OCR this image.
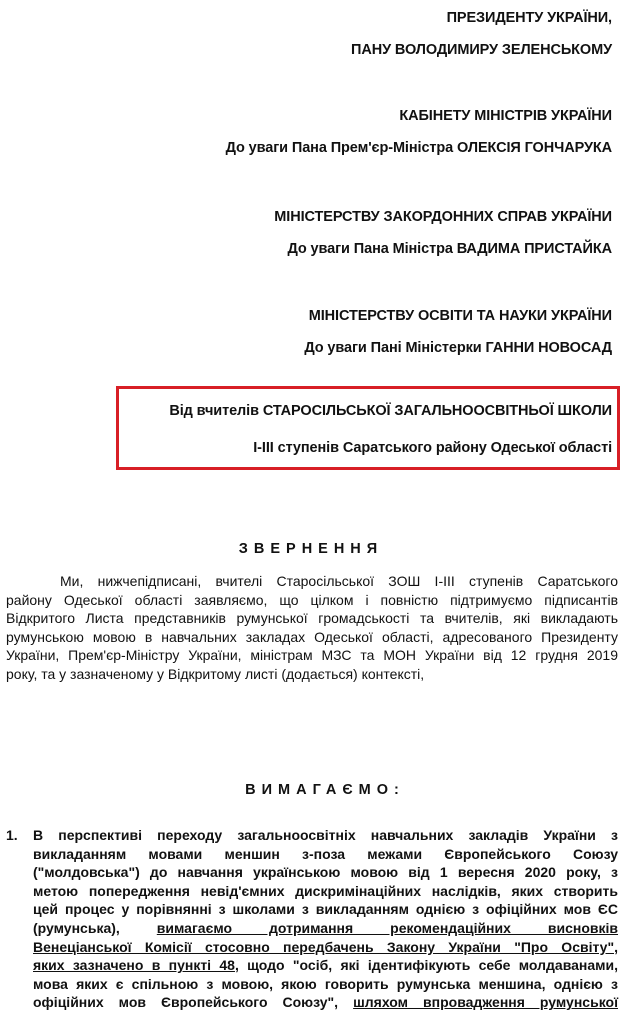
ПРЕЗИДЕНТУ УКРАЇНИ,
ПАНУ ВОЛОДИМИРУ ЗЕЛЕНСЬКОМУ
КАБІНЕТУ МІНІСТРІВ УКРАЇНИ
До уваги Пана Прем'єр-Міністра ОЛЕКСІЯ ГОНЧАРУКА
МІНІСТЕРСТВУ ЗАКОРДОННИХ СПРАВ УКРАЇНИ
До уваги Пана Міністра ВАДИМА ПРИСТАЙКА
МІНІСТЕРСТВУ ОСВІТИ ТА НАУКИ УКРАЇНИ
До уваги Пані Міністерки ГАННИ НОВОСАД
Від вчителів СТАРОСІЛЬСЬКОЇ ЗАГАЛЬНООСВІТНЬОЇ ШКОЛИ
І-ІІІ ступенів Саратського району Одеської області
ЗВЕРНЕННЯ
Ми, нижчепідписані, вчителі Старосільської ЗОШ І-ІІІ ступенів Саратського
району Одеської області заявляємо, що цілком і повністю підтримуємо підписантів
Відкритого Листа представників румунської громадськості та вчителів, які викладають
румунською мовою в навчальних закладах Одеської області, адресованого Президенту
України, Прем'єр-Міністру України, міністрам МЗС та МОН України від 12 грудня 2019
року, та у зазначеному у Відкритому листі (додається) контексті,
ВИМАГАЄМО:
1. В перспективі переходу загальноосвітніх навчальних закладів України з
викладанням мовами меншин з-поза межами Європейського Союзу
("молдовська") до навчання українською мовою від 1 вересня 2020 року, з
метою попередження невід'ємних дискримінаційних наслідків, яких створить
цей процес у порівнянні з школами з викладанням однією з офіційних мов ЄС
(румунська),	вимагаємо дотримання рекомендаційних висновків
Венеціанської Комісії стосовно передбачень Закону України "Про Освіту",
яких зазначено в пункті 48, щодо "осіб, які ідентифікують себе молдаванами,
мова яких є спільною з мовою, якою говорить румунська меншина, однією з
офіційних мов Європейського Союзу", шляхом впровадження румунської
